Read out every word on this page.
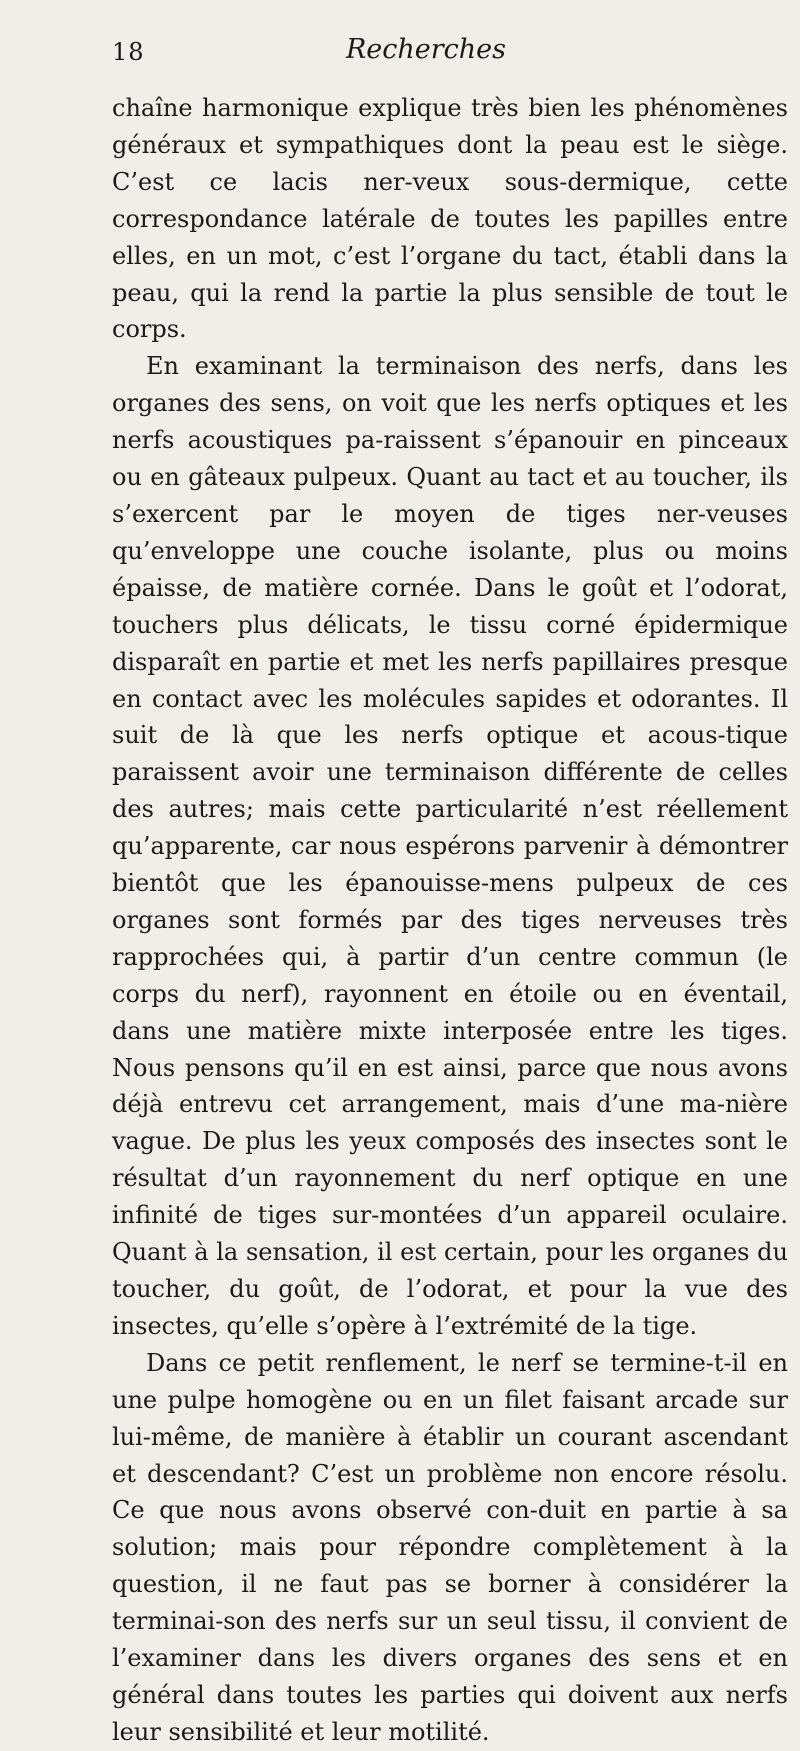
18	Recherches

chaîne harmonique explique très bien les phénomènes généraux et sympathiques dont la peau est le siège. C’est ce lacis ner-veux sous-dermique, cette correspondance latérale de toutes les papilles entre elles, en un mot, c’est l’organe du tact, établi dans la peau, qui la rend la partie la plus sensible de tout le corps.

En examinant la terminaison des nerfs, dans les organes des sens, on voit que les nerfs optiques et les nerfs acoustiques pa-raissent s’épanouir en pinceaux ou en gâteaux pulpeux. Quant au tact et au toucher, ils s’exercent par le moyen de tiges ner-veuses qu’enveloppe une couche isolante, plus ou moins épaisse, de matière cornée. Dans le goût et l’odorat, touchers plus délicats, le tissu corné épidermique disparaît en partie et met les nerfs papillaires presque en contact avec les molécules sapides et odorantes. Il suit de là que les nerfs optique et acous-tique paraissent avoir une terminaison différente de celles des autres; mais cette particularité n’est réellement qu’apparente, car nous espérons parvenir à démontrer bientôt que les épanouisse-mens pulpeux de ces organes sont formés par des tiges nerveuses très rapprochées qui, à partir d’un centre commun (le corps du nerf), rayonnent en étoile ou en éventail, dans une matière mixte interposée entre les tiges. Nous pensons qu’il en est ainsi, parce que nous avons déjà entrevu cet arrangement, mais d’une ma-nière vague. De plus les yeux composés des insectes sont le résultat d’un rayonnement du nerf optique en une infinité de tiges sur-montées d’un appareil oculaire. Quant à la sensation, il est certain, pour les organes du toucher, du goût, de l’odorat, et pour la vue des insectes, qu’elle s’opère à l’extrémité de la tige.

Dans ce petit renflement, le nerf se termine-t-il en une pulpe homogène ou en un filet faisant arcade sur lui-même, de manière à établir un courant ascendant et descendant? C’est un problème non encore résolu. Ce que nous avons observé con-duit en partie à sa solution; mais pour répondre complètement à la question, il ne faut pas se borner à considérer la terminai-son des nerfs sur un seul tissu, il convient de l’examiner dans les divers organes des sens et en général dans toutes les parties qui doivent aux nerfs leur sensibilité et leur motilité.
